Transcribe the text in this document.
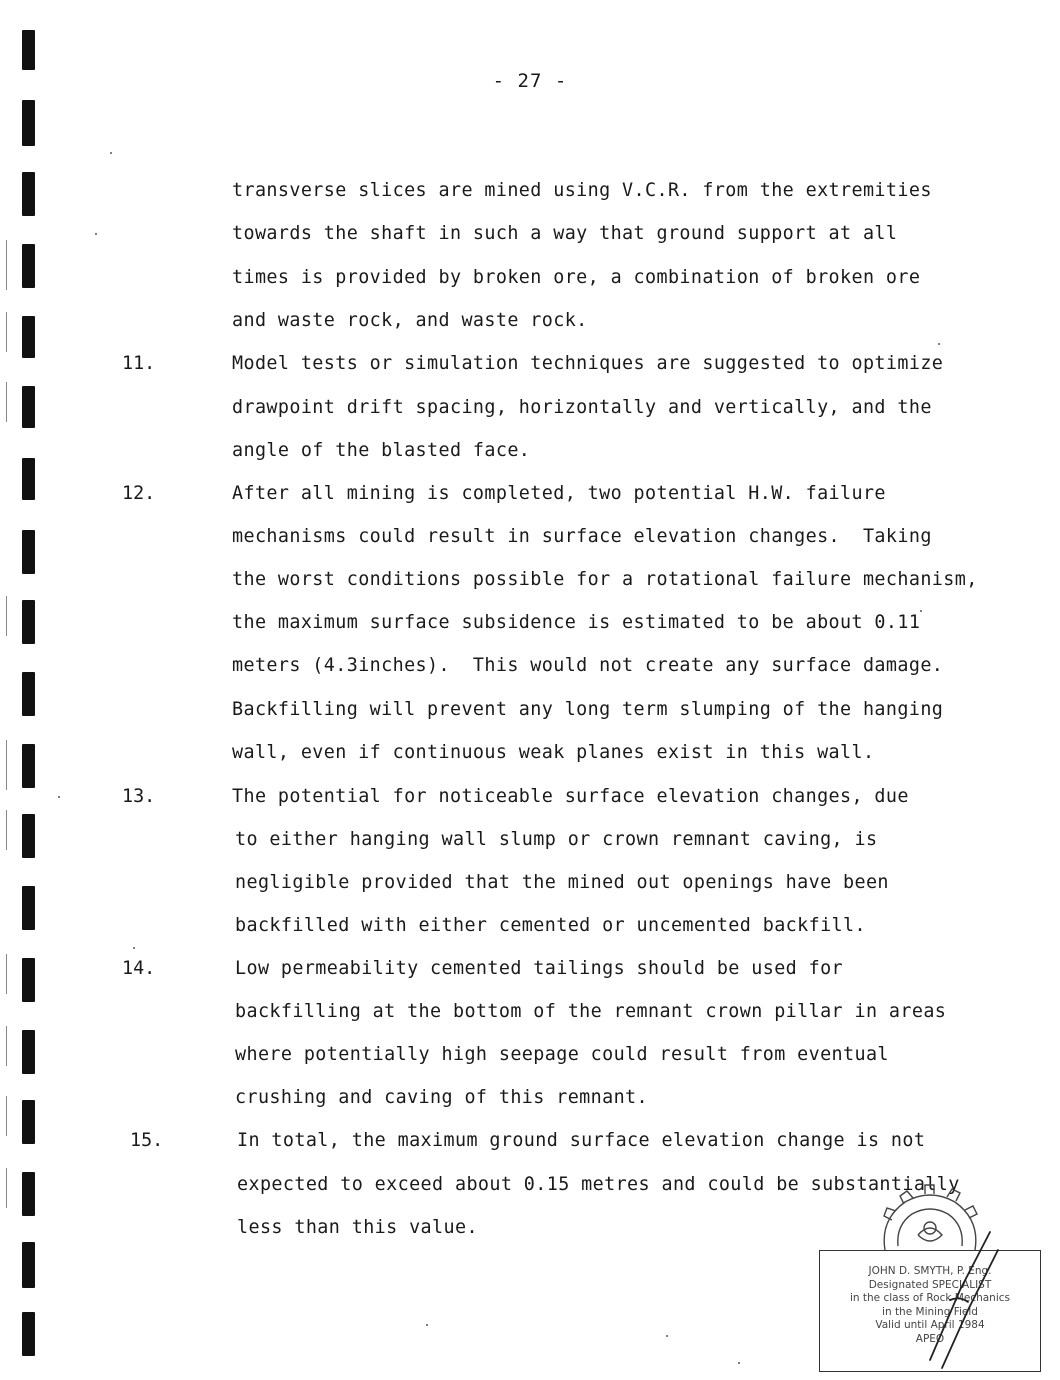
- 27 -
transverse slices are mined using V.C.R. from the extremities
towards the shaft in such a way that ground support at all
times is provided by broken ore, a combination of broken ore
and waste rock, and waste rock.
11.	Model tests or simulation techniques are suggested to optimize
drawpoint drift spacing, horizontally and vertically, and the
angle of the blasted face.
12.	After all mining is completed, two potential H.W. failure
mechanisms could result in surface elevation changes.  Taking
the worst conditions possible for a rotational failure mechanism,
the maximum surface subsidence is estimated to be about 0.11
meters (4.3inches).  This would not create any surface damage.
Backfilling will prevent any long term slumping of the hanging
wall, even if continuous weak planes exist in this wall.
13.	The potential for noticeable surface elevation changes, due
to either hanging wall slump or crown remnant caving, is
negligible provided that the mined out openings have been
backfilled with either cemented or uncemented backfill.
14.	Low permeability cemented tailings should be used for
backfilling at the bottom of the remnant crown pillar in areas
where potentially high seepage could result from eventual
crushing and caving of this remnant.
15.	In total, the maximum ground surface elevation change is not
expected to exceed about 0.15 metres and could be substantially
less than this value.
JOHN D. SMYTH, P. Eng.
Designated SPECIALIST
in the class of Rock Mechanics
in the Mining Field
Valid until April 1984
APEO
